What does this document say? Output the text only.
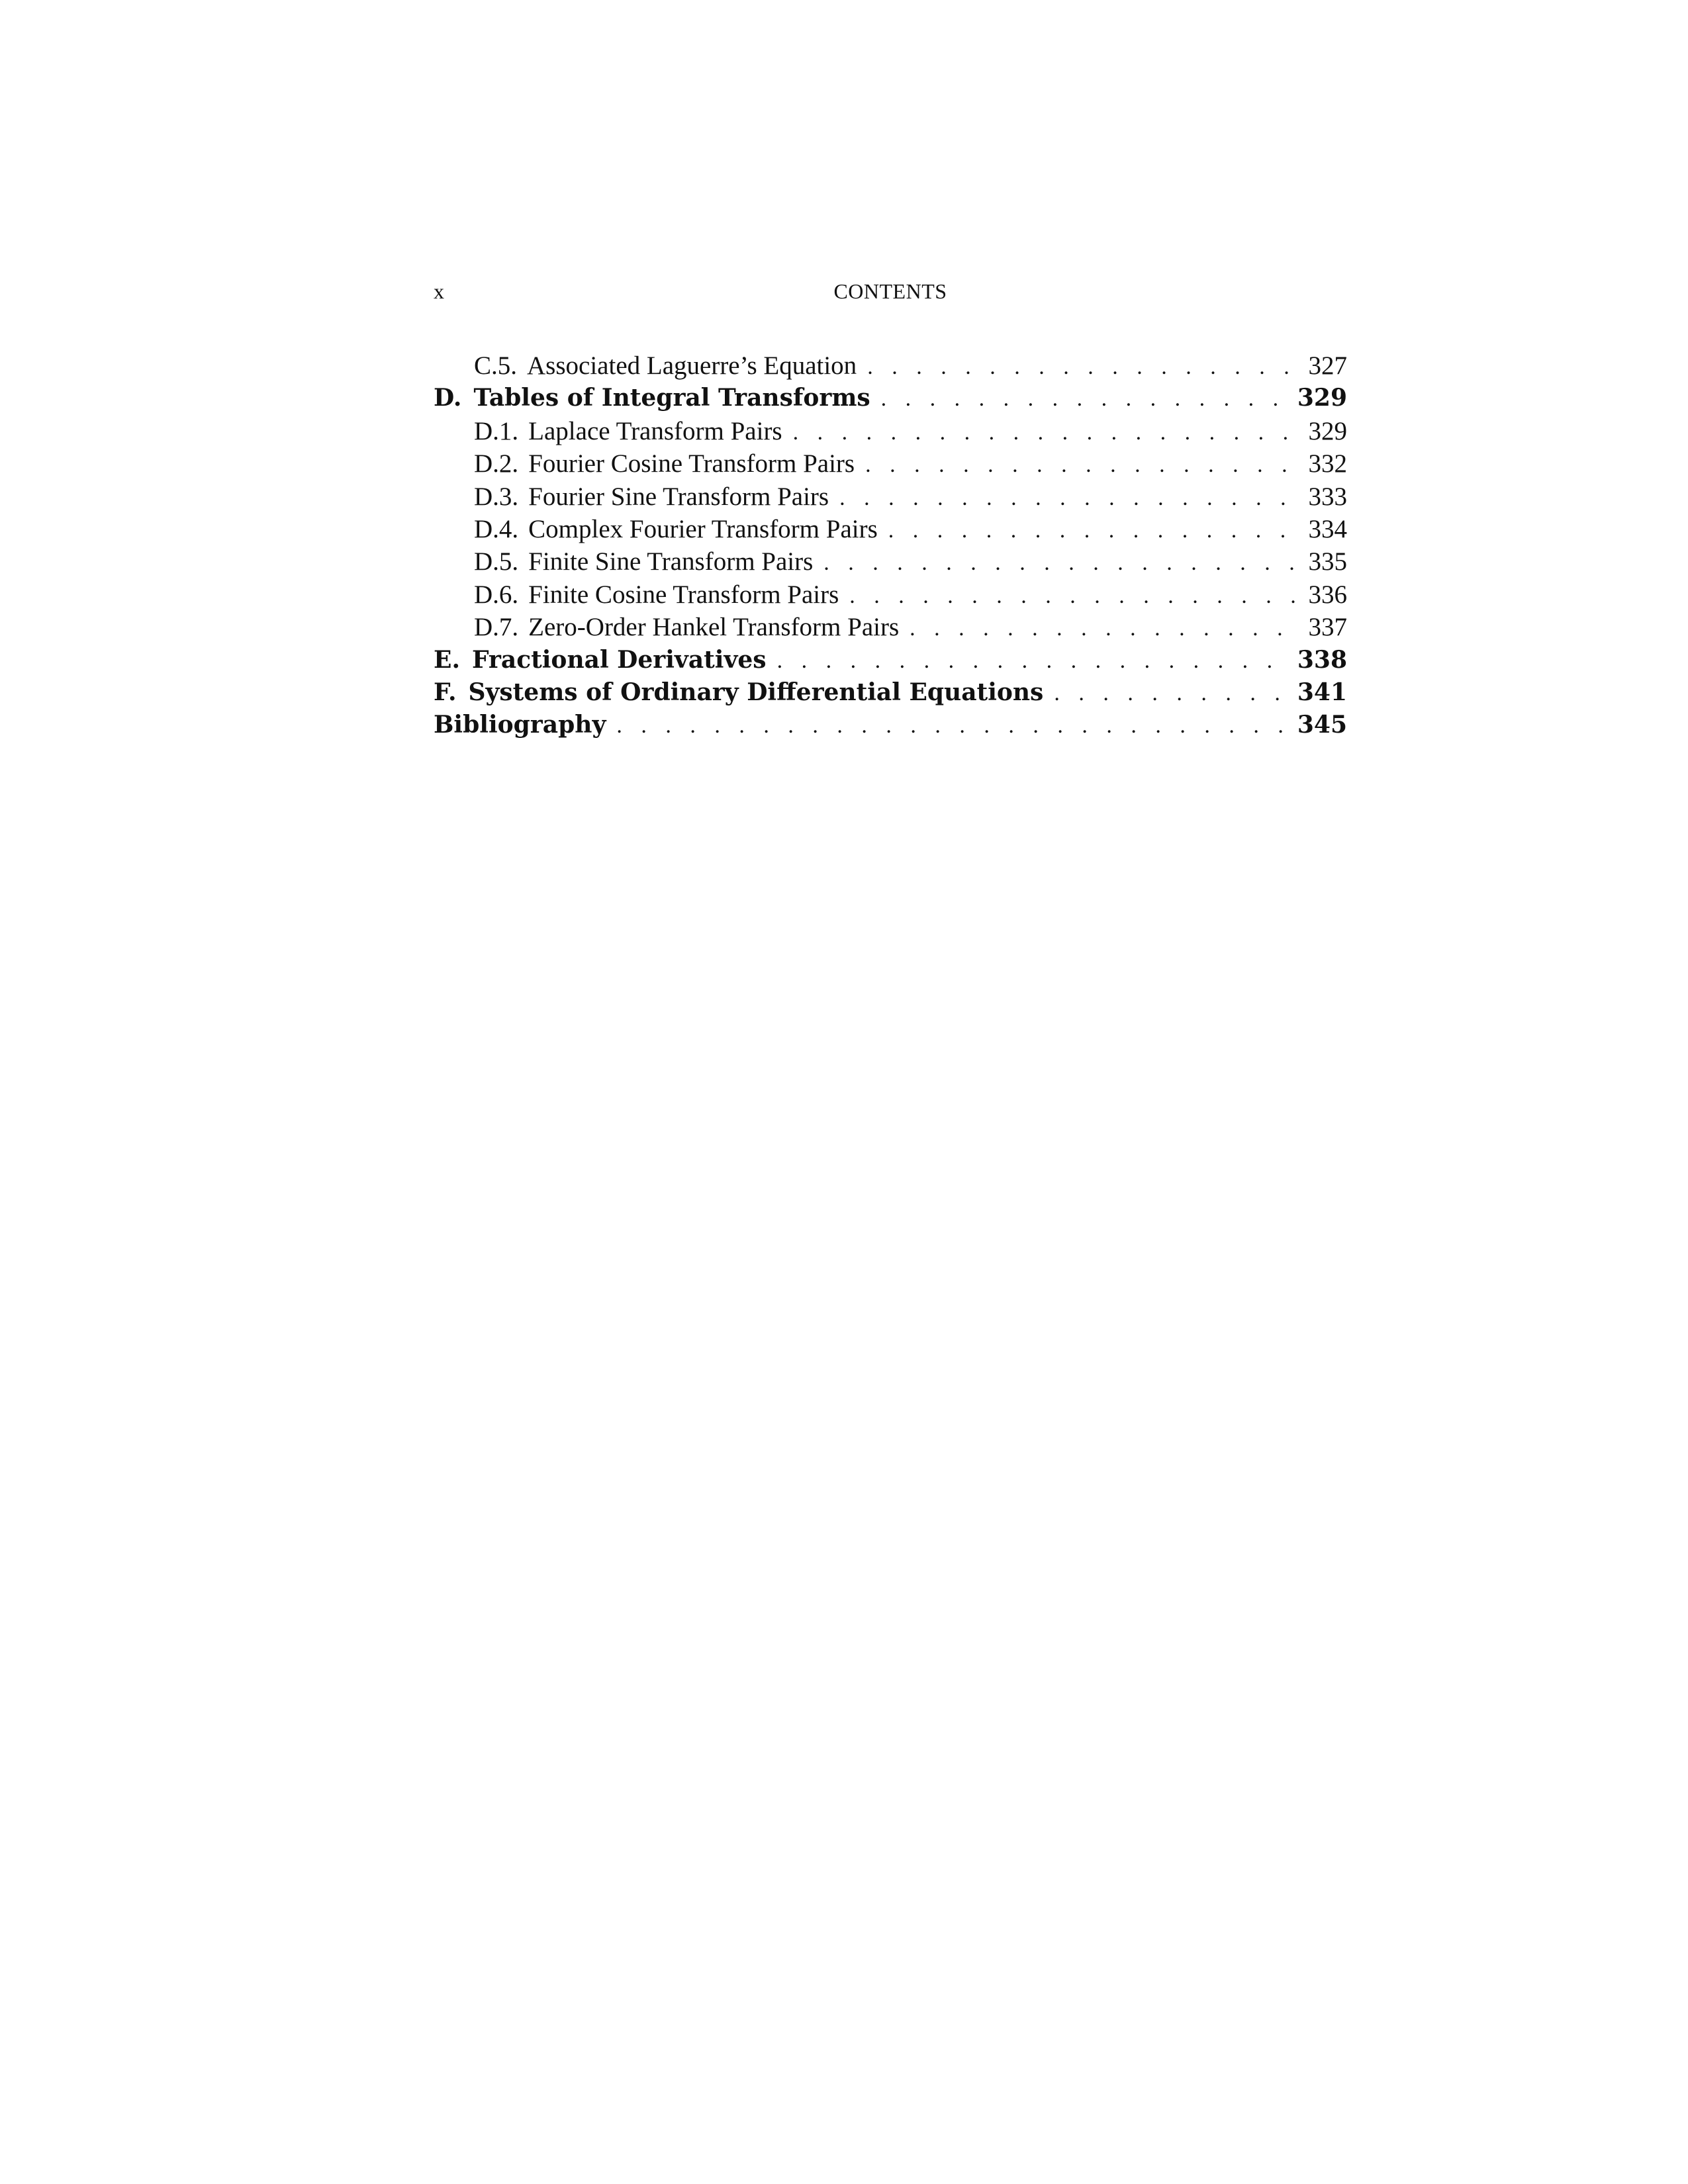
x	CONTENTS
C.5. Associated Laguerre’s Equation . . .	327
D. Tables of Integral Transforms . . .	329
D.1. Laplace Transform Pairs . . .	329
D.2. Fourier Cosine Transform Pairs . . .	332
D.3. Fourier Sine Transform Pairs . . .	333
D.4. Complex Fourier Transform Pairs . . .	334
D.5. Finite Sine Transform Pairs . . .	335
D.6. Finite Cosine Transform Pairs . . .	336
D.7. Zero-Order Hankel Transform Pairs . . .	337
E. Fractional Derivatives . . .	338
F. Systems of Ordinary Differential Equations . . .	341
Bibliography . . .	345
